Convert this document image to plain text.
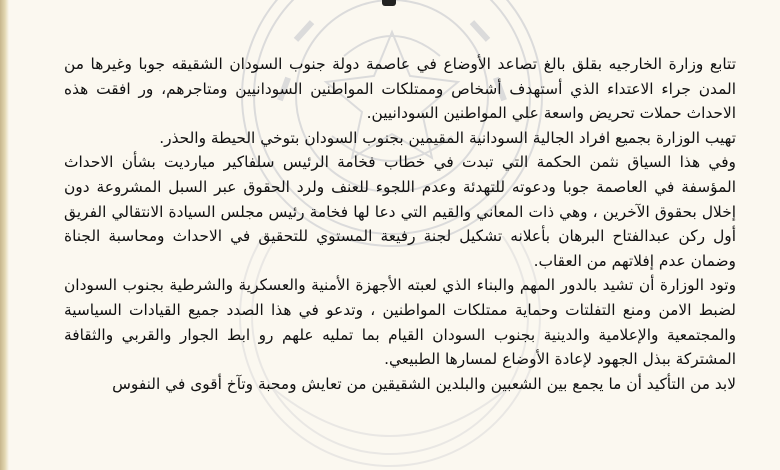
تتابع وزارة الخارجيه بقلق بالغ تصاعد الأوضاع في عاصمة دولة جنوب السودان الشقيقه جوبا وغيرها من المدن جراء الاعتداء الذي أستهدف أشخاص وممتلكات المواطنين السودانيين ومتاجرهم، ور افقت هذه الاحداث حملات تحريض واسعة علي المواطنين السودانيين.

تهيب الوزارة بجميع افراد الجالية السودانية المقيمين بجنوب السودان بتوخي الحيطة والحذر.

وفي هذا السياق نثمن الحكمة التي تبدت في خطاب فخامة الرئيس سلفاكير ميارديت بشأن الاحداث المؤسفة في العاصمة جوبا ودعوته للتهدئة وعدم اللجوء للعنف ولرد الحقوق عبر السبل المشروعة دون إخلال بحقوق الآخرين ، وهي ذات المعاني والقيم التي دعا لها فخامة رئيس مجلس السيادة الانتقالي الفريق أول ركن عبدالفتاح البرهان بأعلانه تشكيل لجنة رفيعة المستوي للتحقيق في الاحداث ومحاسبة الجناة وضمان عدم إفلاتهم من العقاب.

وتود الوزارة أن تشيد بالدور المهم والبناء الذي لعبته الأجهزة الأمنية والعسكرية والشرطية بجنوب السودان لضبط الامن ومنع التفلتات وحماية ممتلكات المواطنين ، وتدعو في هذا الصدد جميع القيادات السياسية والمجتمعية والإعلامية والدينية بجنوب السودان القيام بما تمليه علهم رو ابط الجوار والقربي والثقافة المشتركة ببذل الجهود لإعادة الأوضاع لمسارها الطبيعي.

لابد من التأكيد أن ما يجمع بين الشعبين والبلدين الشقيقين من تعايش ومحبة وتآخ أقوى في النفوس
